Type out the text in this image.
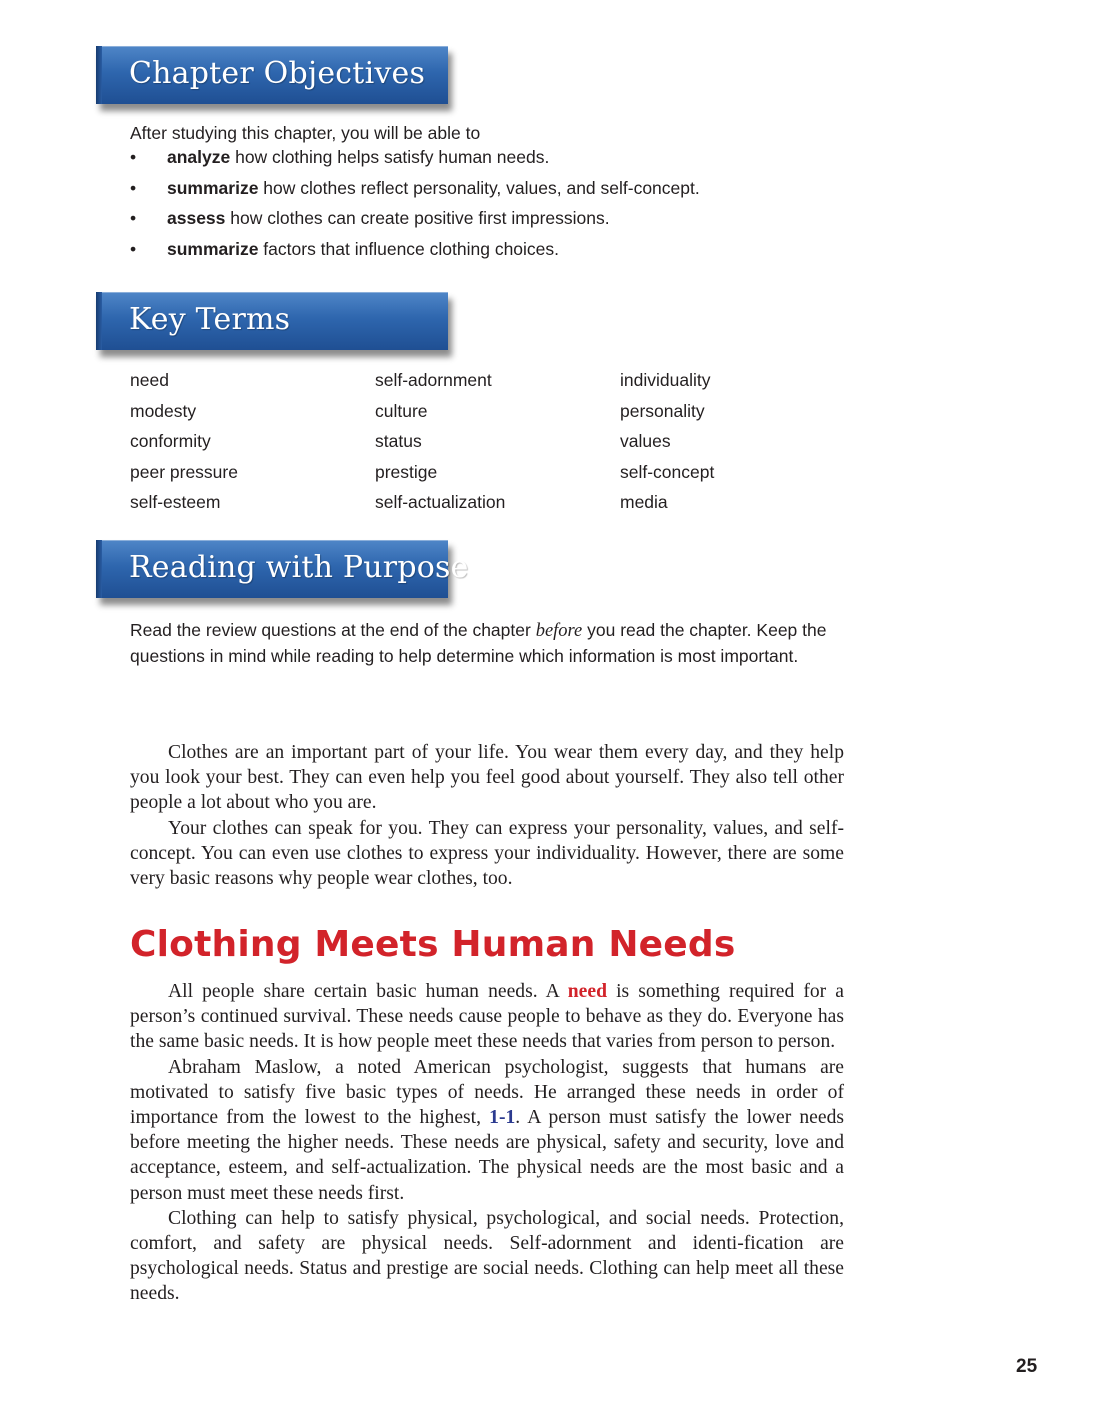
Chapter Objectives
After studying this chapter, you will be able to
• analyze how clothing helps satisfy human needs.
• summarize how clothes reflect personality, values, and self-concept.
• assess how clothes can create positive first impressions.
• summarize factors that influence clothing choices.
Key Terms
need
modesty
conformity
peer pressure
self-esteem
self-adornment
culture
status
prestige
self-actualization
individuality
personality
values
self-concept
media
Reading with Purpose
Read the review questions at the end of the chapter before you read the chapter. Keep the questions in mind while reading to help determine which information is most important.

Clothes are an important part of your life. You wear them every day, and they help you look your best. They can even help you feel good about yourself. They also tell other people a lot about who you are.

Your clothes can speak for you. They can express your personality, values, and self-concept. You can even use clothes to express your individuality. However, there are some very basic reasons why people wear clothes, too.

Clothing Meets Human Needs

All people share certain basic human needs. A need is something required for a person’s continued survival. These needs cause people to behave as they do. Everyone has the same basic needs. It is how people meet these needs that varies from person to person.

Abraham Maslow, a noted American psychologist, suggests that humans are motivated to satisfy five basic types of needs. He arranged these needs in order of importance from the lowest to the highest, 1-1. A person must satisfy the lower needs before meeting the higher needs. These needs are physical, safety and security, love and acceptance, esteem, and self-actualization. The physical needs are the most basic and a person must meet these needs first.

Clothing can help to satisfy physical, psychological, and social needs. Protection, comfort, and safety are physical needs. Self-adornment and identi-fication are psychological needs. Status and prestige are social needs. Clothing can help meet all these needs.

25
